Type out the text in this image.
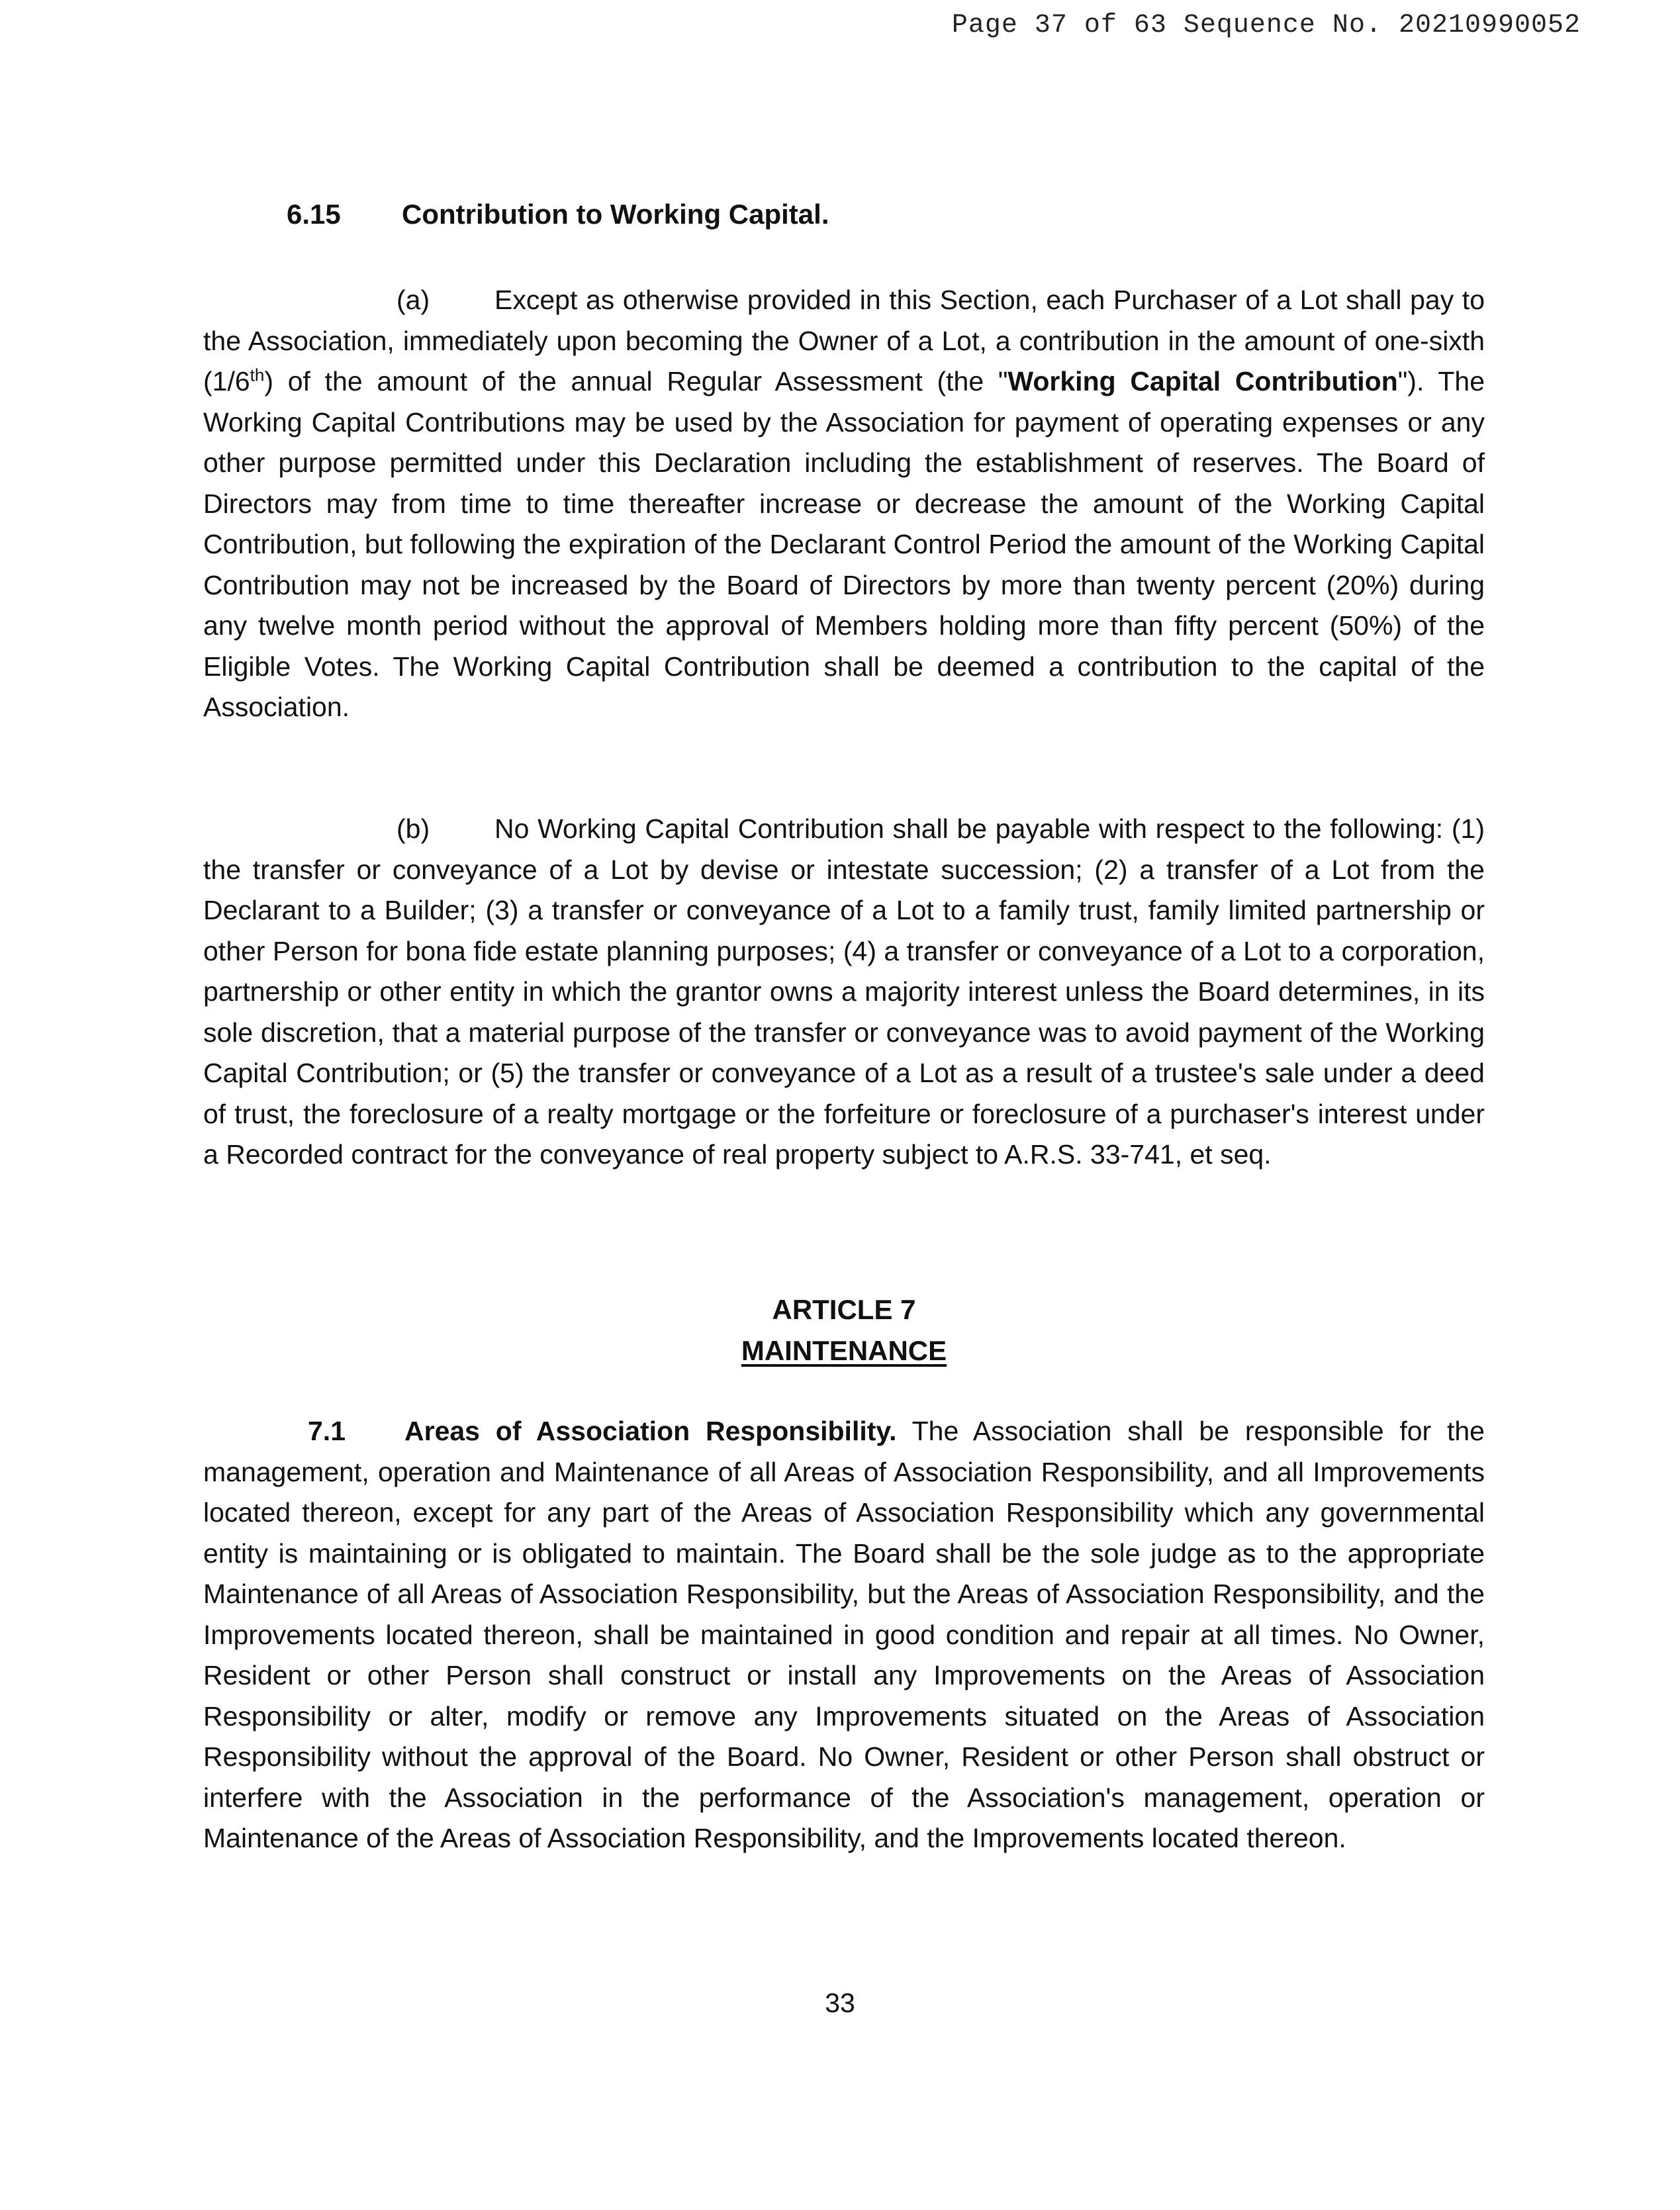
Page 37 of 63 Sequence No. 20210990052
6.15 Contribution to Working Capital.
(a) Except as otherwise provided in this Section, each Purchaser of a Lot shall pay to the Association, immediately upon becoming the Owner of a Lot, a contribution in the amount of one-sixth (1/6th) of the amount of the annual Regular Assessment (the "Working Capital Contribution"). The Working Capital Contributions may be used by the Association for payment of operating expenses or any other purpose permitted under this Declaration including the establishment of reserves. The Board of Directors may from time to time thereafter increase or decrease the amount of the Working Capital Contribution, but following the expiration of the Declarant Control Period the amount of the Working Capital Contribution may not be increased by the Board of Directors by more than twenty percent (20%) during any twelve month period without the approval of Members holding more than fifty percent (50%) of the Eligible Votes. The Working Capital Contribution shall be deemed a contribution to the capital of the Association.
(b) No Working Capital Contribution shall be payable with respect to the following: (1) the transfer or conveyance of a Lot by devise or intestate succession; (2) a transfer of a Lot from the Declarant to a Builder; (3) a transfer or conveyance of a Lot to a family trust, family limited partnership or other Person for bona fide estate planning purposes; (4) a transfer or conveyance of a Lot to a corporation, partnership or other entity in which the grantor owns a majority interest unless the Board determines, in its sole discretion, that a material purpose of the transfer or conveyance was to avoid payment of the Working Capital Contribution; or (5) the transfer or conveyance of a Lot as a result of a trustee's sale under a deed of trust, the foreclosure of a realty mortgage or the forfeiture or foreclosure of a purchaser's interest under a Recorded contract for the conveyance of real property subject to A.R.S. 33-741, et seq.
ARTICLE 7
MAINTENANCE
7.1 Areas of Association Responsibility. The Association shall be responsible for the management, operation and Maintenance of all Areas of Association Responsibility, and all Improvements located thereon, except for any part of the Areas of Association Responsibility which any governmental entity is maintaining or is obligated to maintain. The Board shall be the sole judge as to the appropriate Maintenance of all Areas of Association Responsibility, but the Areas of Association Responsibility, and the Improvements located thereon, shall be maintained in good condition and repair at all times. No Owner, Resident or other Person shall construct or install any Improvements on the Areas of Association Responsibility or alter, modify or remove any Improvements situated on the Areas of Association Responsibility without the approval of the Board. No Owner, Resident or other Person shall obstruct or interfere with the Association in the performance of the Association's management, operation or Maintenance of the Areas of Association Responsibility, and the Improvements located thereon.
33
